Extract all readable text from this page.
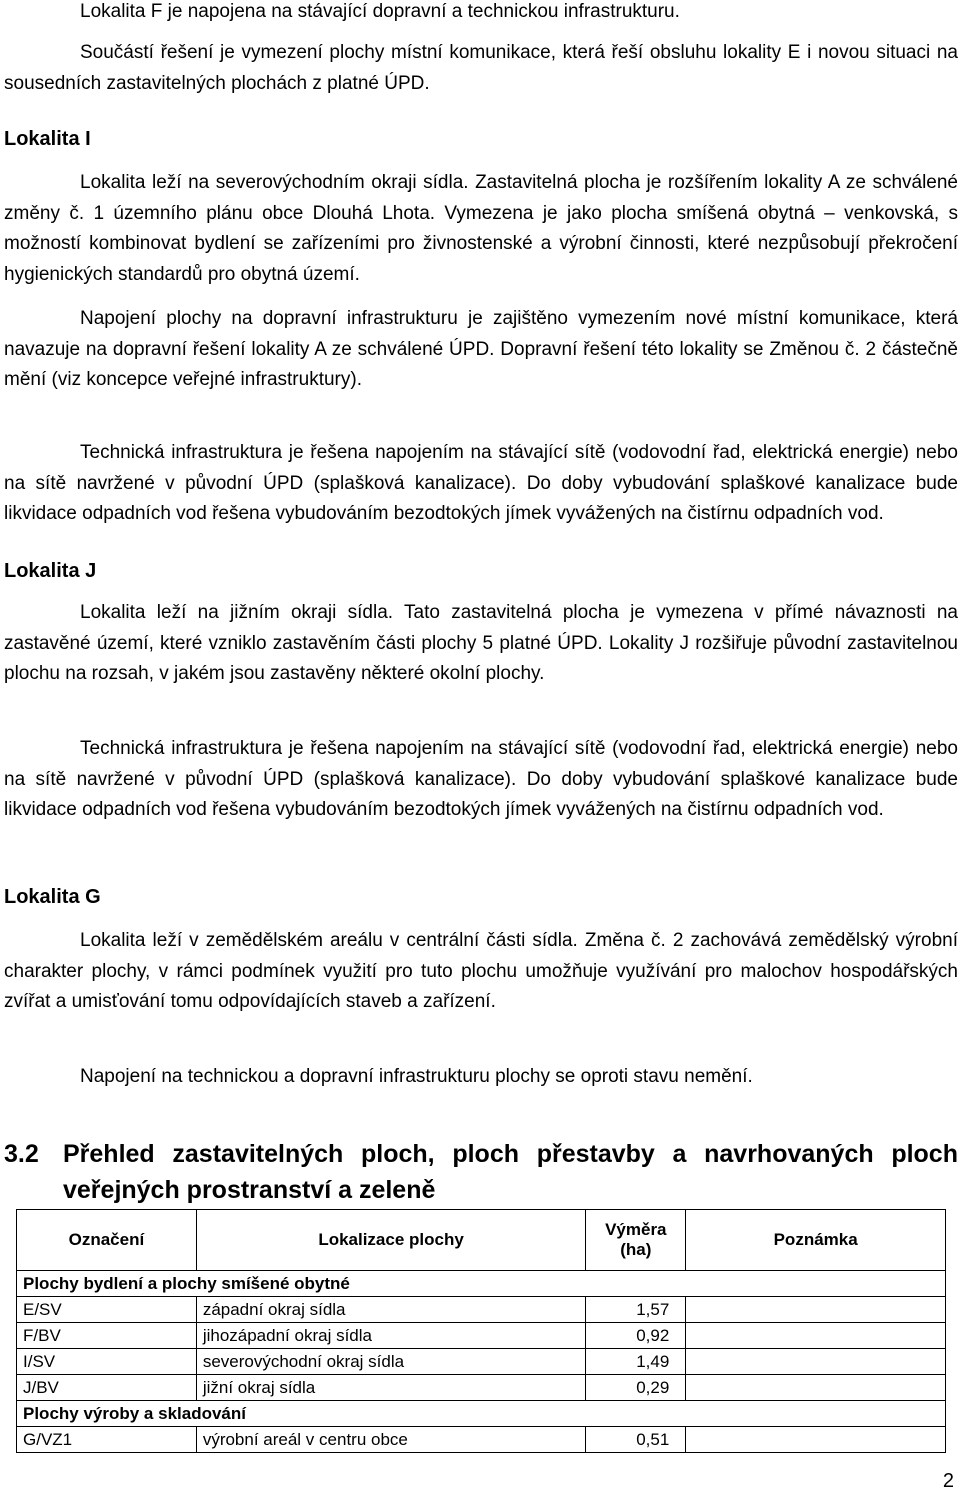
Lokalita F je napojena na stávající dopravní a technickou infrastrukturu.

Součástí řešení je vymezení plochy místní komunikace, která řeší obsluhu lokality E i novou situaci na sousedních zastavitelných plochách z platné ÚPD.

Lokalita I

Lokalita leží na severovýchodním okraji sídla. Zastavitelná plocha je rozšířením lokality A ze schválené změny č. 1 územního plánu obce Dlouhá Lhota. Vymezena je jako plocha smíšená obytná – venkovská, s možností kombinovat bydlení se zařízeními pro živnostenské a výrobní činnosti, které nezpůsobují překročení hygienických standardů pro obytná území.

Napojení plochy na dopravní infrastrukturu je zajištěno vymezením nové místní komunikace, která navazuje na dopravní řešení lokality A ze schválené ÚPD. Dopravní řešení této lokality se Změnou č. 2 částečně mění (viz koncepce veřejné infrastruktury).

Technická infrastruktura je řešena napojením na stávající sítě (vodovodní řad, elektrická energie) nebo na sítě navržené v původní ÚPD (splašková kanalizace). Do doby vybudování splaškové kanalizace bude likvidace odpadních vod řešena vybudováním bezodtokých jímek vyvážených na čistírnu odpadních vod.

Lokalita J

Lokalita leží na jižním okraji sídla. Tato zastavitelná plocha je vymezena v přímé návaznosti na zastavěné území, které vzniklo zastavěním části plochy 5 platné ÚPD. Lokality J rozšiřuje původní zastavitelnou plochu na rozsah, v jakém jsou zastavěny některé okolní plochy.

Technická infrastruktura je řešena napojením na stávající sítě (vodovodní řad, elektrická energie) nebo na sítě navržené v původní ÚPD (splašková kanalizace). Do doby vybudování splaškové kanalizace bude likvidace odpadních vod řešena vybudováním bezodtokých jímek vyvážených na čistírnu odpadních vod.

Lokalita G

Lokalita leží v zemědělském areálu v centrální části sídla. Změna č. 2 zachovává zemědělský výrobní charakter plochy, v rámci podmínek využití pro tuto plochu umožňuje využívání pro malochov hospodářských zvířat a umisťování tomu odpovídajících staveb a zařízení.

Napojení na technickou a dopravní infrastrukturu plochy se oproti stavu nemění.

3.2 Přehled zastavitelných ploch, ploch přestavby a navrhovaných ploch veřejných prostranství a zeleně
Označení	Lokalizace plochy	Výměra (ha)	Poznámka
Plochy bydlení a plochy smíšené obytné			
E/SV	západní okraj sídla	1,57	
F/BV	jihozápadní okraj sídla	0,92	
I/SV	severovýchodní okraj sídla	1,49	
J/BV	jižní okraj sídla	0,29	
Plochy výroby a skladování			
G/VZ1	výrobní areál v centru obce	0,51	
2
